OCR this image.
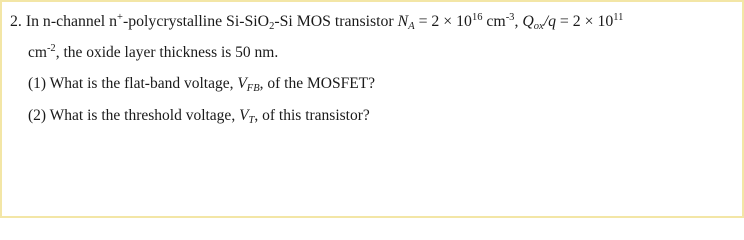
2. In n-channel n+-polycrystalline Si-SiO$_2$-Si MOS transistor $N_A = 2 \times 10^{16}$ $cm^{-3}$, $Q_{ox}/q = 2 \times 10^{11}$
$cm^{-2}$, the oxide layer thickness is 50 nm.
(1) What is the flat-band voltage, $V_{FB}$, of the MOSFET?
(2) What is the threshold voltage, $V_T$, of this transistor?
